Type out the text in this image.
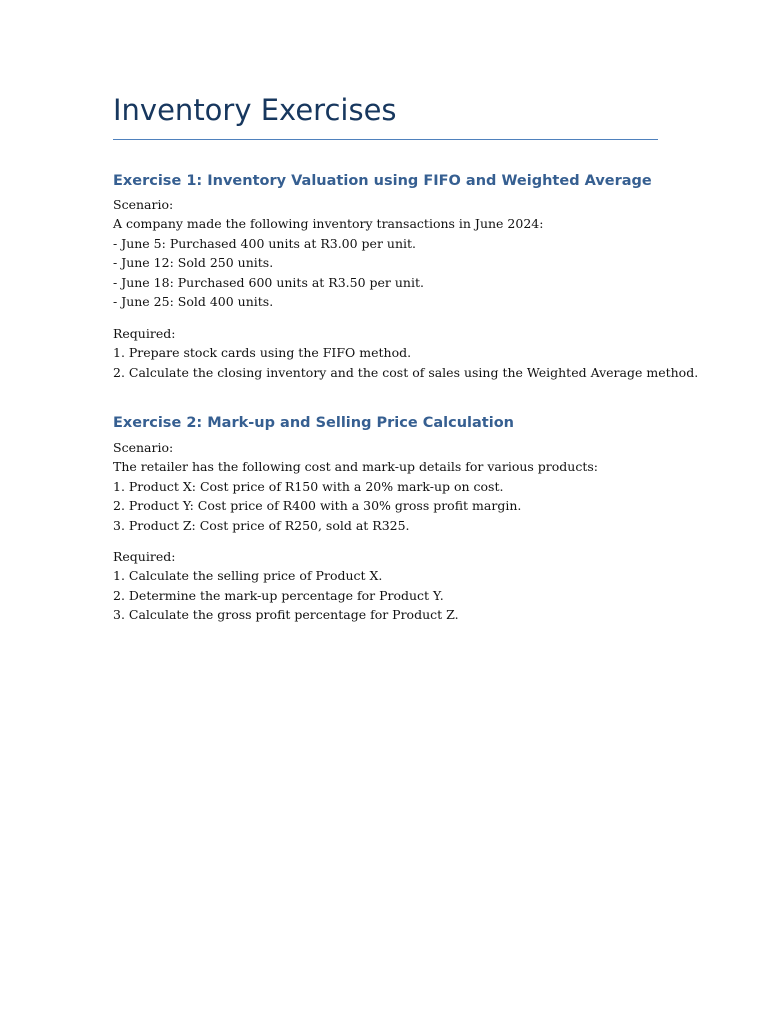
Inventory Exercises
Exercise 1: Inventory Valuation using FIFO and Weighted Average
Scenario:
A company made the following inventory transactions in June 2024:
- June 5: Purchased 400 units at R3.00 per unit.
- June 12: Sold 250 units.
- June 18: Purchased 600 units at R3.50 per unit.
- June 25: Sold 400 units.
Required:
1. Prepare stock cards using the FIFO method.
2. Calculate the closing inventory and the cost of sales using the Weighted Average method.
Exercise 2: Mark-up and Selling Price Calculation
Scenario:
The retailer has the following cost and mark-up details for various products:
1. Product X: Cost price of R150 with a 20% mark-up on cost.
2. Product Y: Cost price of R400 with a 30% gross profit margin.
3. Product Z: Cost price of R250, sold at R325.
Required:
1. Calculate the selling price of Product X.
2. Determine the mark-up percentage for Product Y.
3. Calculate the gross profit percentage for Product Z.
